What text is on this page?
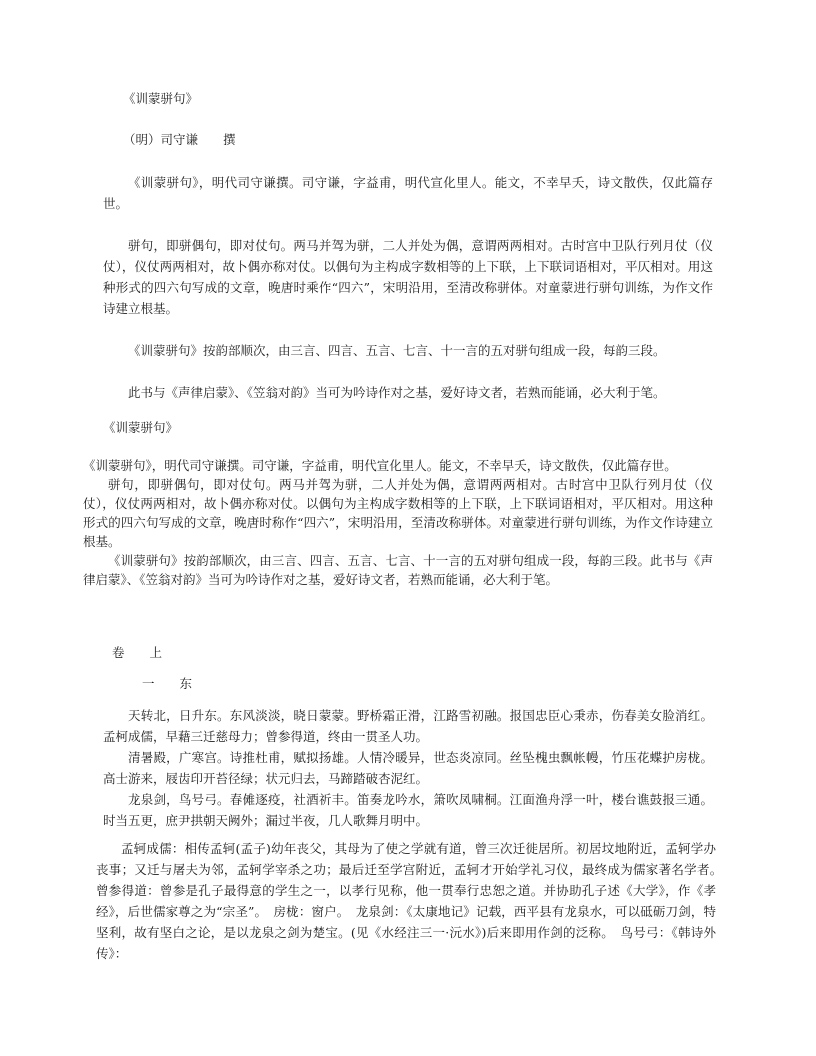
《训蒙骈句》
（明）司守谦　　撰

《训蒙骈句》，明代司守谦撰。司守谦，字益甫，明代宣化里人。能文，不幸早夭，诗文散佚，仅此篇存世。

骈句，即骈偶句，即对仗句。两马并驾为骈，二人并处为偶，意谓两两相对。古时宫中卫队行列月仗（仪仗），仪仗两两相对，故卜偶亦称对仗。以偶句为主构成字数相等的上下联，上下联词语相对，平仄相对。用这种形式的四六句写成的文章，晚唐时乘作“四六”，宋明沿用，至清改称骈体。对童蒙进行骈句训练，为作文作诗建立根基。

《训蒙骈句》按韵部顺次，由三言、四言、五言、七言、十一言的五对骈句组成一段，每韵三段。

此书与《声律启蒙》、《笠翁对韵》当可为吟诗作对之基，爱好诗文者，若熟而能诵，必大利于笔。

《训蒙骈句》

《训蒙骈句》，明代司守谦撰。司守谦，字益甫，明代宣化里人。能文，不幸早夭，诗文散佚，仅此篇存世。

骈句，即骈偶句，即对仗句。两马并驾为骈，二人并处为偶，意谓两两相对。古时宫中卫队行列月仗（仪仗），仪仗两两相对，故卜偶亦称对仗。以偶句为主构成字数相等的上下联，上下联词语相对，平仄相对。用这种形式的四六句写成的文章，晚唐时称作“四六”，宋明沿用，至清改称骈体。对童蒙进行骈句训练，为作文作诗建立根基。

《训蒙骈句》按韵部顺次，由三言、四言、五言、七言、十一言的五对骈句组成一段，每韵三段。此书与《声律启蒙》、《笠翁对韵》当可为吟诗作对之基，爱好诗文者，若熟而能诵，必大利于笔。

卷　　上
一　　东

天转北，日升东。东风淡淡，晓日蒙蒙。野桥霜正滑，江路雪初融。报国忠臣心秉赤，伤春美女脸消红。孟柯成儒，早藉三迁慈母力；曾参得道，终由一贯圣人功。

清暑殿，广寒宫。诗推杜甫，赋拟扬雄。人情冷暖异，世态炎凉同。丝坠槐虫飘帐幔，竹压花蝶护房栊。高士游来，屐齿印开苔径绿；状元归去，马蹄踏破杏泥红。

龙泉剑，鸟号弓。春傩逐疫，社酒祈丰。笛奏龙吟水，箫吹凤啸桐。江面渔舟浮一叶，楼台谯鼓报三通。时当五更，庶尹拱朝天阙外；漏过半夜，几人歌舞月明中。

孟轲成儒：相传孟轲(孟子)幼年丧父，其母为了使之学就有道，曾三次迁徙居所。初居坟地附近，孟轲学办丧事；又迁与屠夫为邻，孟轲学宰杀之功；最后迁至学宫附近，孟轲才开始学礼习仪，最终成为儒家著名学者。　曾参得道：曾参是孔子最得意的学生之一，以孝行见称，他一贯奉行忠恕之道。并协助孔子述《大学》，作《孝经》，后世儒家尊之为“宗圣”。　房栊：窗户。　龙泉剑：《太康地记》记载，西平县有龙泉水，可以砥砺刀剑，特坚利，故有坚白之论，是以龙泉之剑为楚宝。(见《水经注三一·沅水》)后来即用作剑的泛称。　鸟号弓：《韩诗外传》：
